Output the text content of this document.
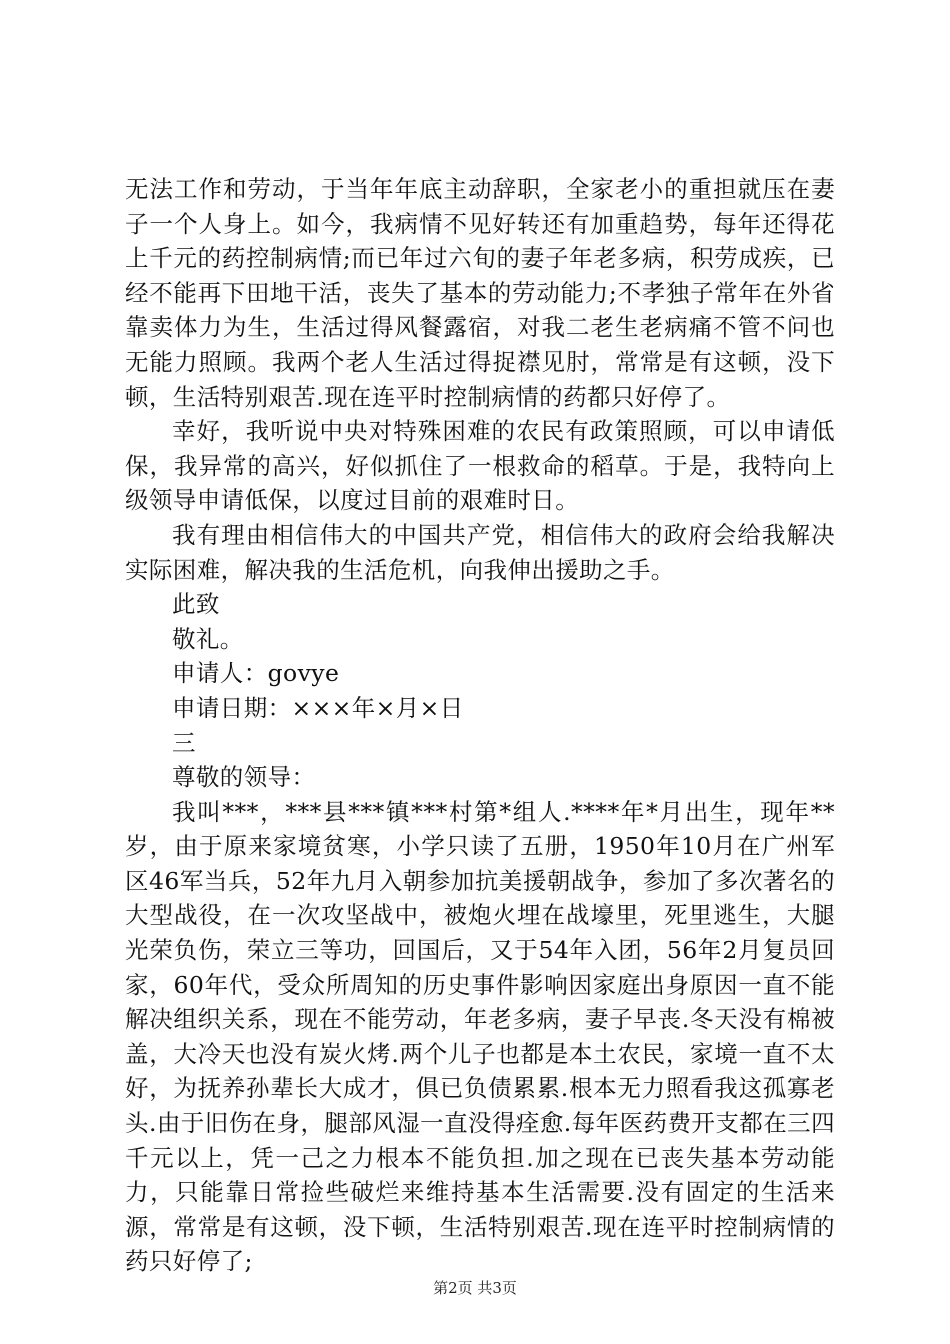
无法工作和劳动，于当年年底主动辞职，全家老小的重担就压在妻子一个人身上。如今，我病情不见好转还有加重趋势，每年还得花上千元的药控制病情;而已年过六旬的妻子年老多病，积劳成疾，已经不能再下田地干活，丧失了基本的劳动能力;不孝独子常年在外省靠卖体力为生，生活过得风餐露宿，对我二老生老病痛不管不问也无能力照顾。我两个老人生活过得捉襟见肘，常常是有这顿，没下顿，生活特别艰苦.现在连平时控制病情的药都只好停了。

幸好，我听说中央对特殊困难的农民有政策照顾，可以申请低保，我异常的高兴，好似抓住了一根救命的稻草。于是，我特向上级领导申请低保，以度过目前的艰难时日。

我有理由相信伟大的中国共产党，相信伟大的政府会给我解决实际困难，解决我的生活危机，向我伸出援助之手。

此致

敬礼。

申请人：govye

申请日期：×××年×月×日

三

尊敬的领导：

我叫***，***县***镇***村第*组人.****年*月出生，现年**岁，由于原来家境贫寒，小学只读了五册，1950年10月在广州军区46军当兵，52年九月入朝参加抗美援朝战争，参加了多次著名的大型战役，在一次攻坚战中，被炮火埋在战壕里，死里逃生，大腿光荣负伤，荣立三等功，回国后，又于54年入团，56年2月复员回家，60年代，受众所周知的历史事件影响因家庭出身原因一直不能解决组织关系，现在不能劳动，年老多病，妻子早丧.冬天没有棉被盖，大冷天也没有炭火烤.两个儿子也都是本土农民，家境一直不太好，为抚养孙辈长大成才，俱已负债累累.根本无力照看我这孤寡老头.由于旧伤在身，腿部风湿一直没得痊愈.每年医药费开支都在三四千元以上，凭一己之力根本不能负担.加之现在已丧失基本劳动能力，只能靠日常捡些破烂来维持基本生活需要.没有固定的生活来源，常常是有这顿，没下顿，生活特别艰苦.现在连平时控制病情的药只好停了;

第2页 共3页
